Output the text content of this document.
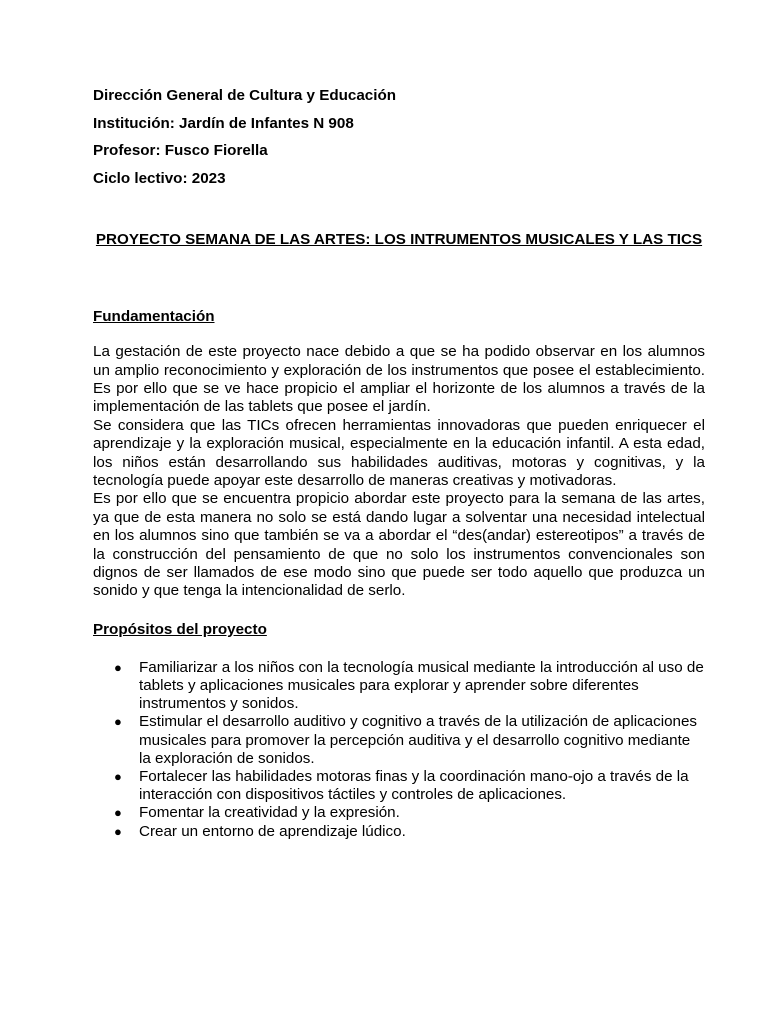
Dirección General de Cultura y Educación
Institución: Jardín de Infantes N 908
Profesor: Fusco Fiorella
Ciclo lectivo: 2023
PROYECTO SEMANA DE LAS ARTES: LOS INTRUMENTOS MUSICALES Y LAS TICS
Fundamentación

La gestación de este proyecto nace debido a que se ha podido observar en los alumnos un amplio reconocimiento y exploración de los instrumentos que posee el establecimiento. Es por ello que se ve hace propicio el ampliar el horizonte de los alumnos a través de la implementación de las tablets que posee el jardín.

Se considera que las TICs ofrecen herramientas innovadoras que pueden enriquecer el aprendizaje y la exploración musical, especialmente en la educación infantil. A esta edad, los niños están desarrollando sus habilidades auditivas, motoras y cognitivas, y la tecnología puede apoyar este desarrollo de maneras creativas y motivadoras.

Es por ello que se encuentra propicio abordar este proyecto para la semana de las artes, ya que de esta manera no solo se está dando lugar a solventar una necesidad intelectual en los alumnos sino que también se va a abordar el “des(andar) estereotipos” a través de la construcción del pensamiento de que no solo los instrumentos convencionales son dignos de ser llamados de ese modo sino que puede ser todo aquello que produzca un sonido y que tenga la intencionalidad de serlo.

Propósitos del proyecto
● Familiarizar a los niños con la tecnología musical mediante la introducción al uso de tablets y aplicaciones musicales para explorar y aprender sobre diferentes instrumentos y sonidos.
● Estimular el desarrollo auditivo y cognitivo a través de la utilización de aplicaciones musicales para promover la percepción auditiva y el desarrollo cognitivo mediante la exploración de sonidos.
● Fortalecer las habilidades motoras finas y la coordinación mano-ojo a través de la interacción con dispositivos táctiles y controles de aplicaciones.
● Fomentar la creatividad y la expresión.
● Crear un entorno de aprendizaje lúdico.
